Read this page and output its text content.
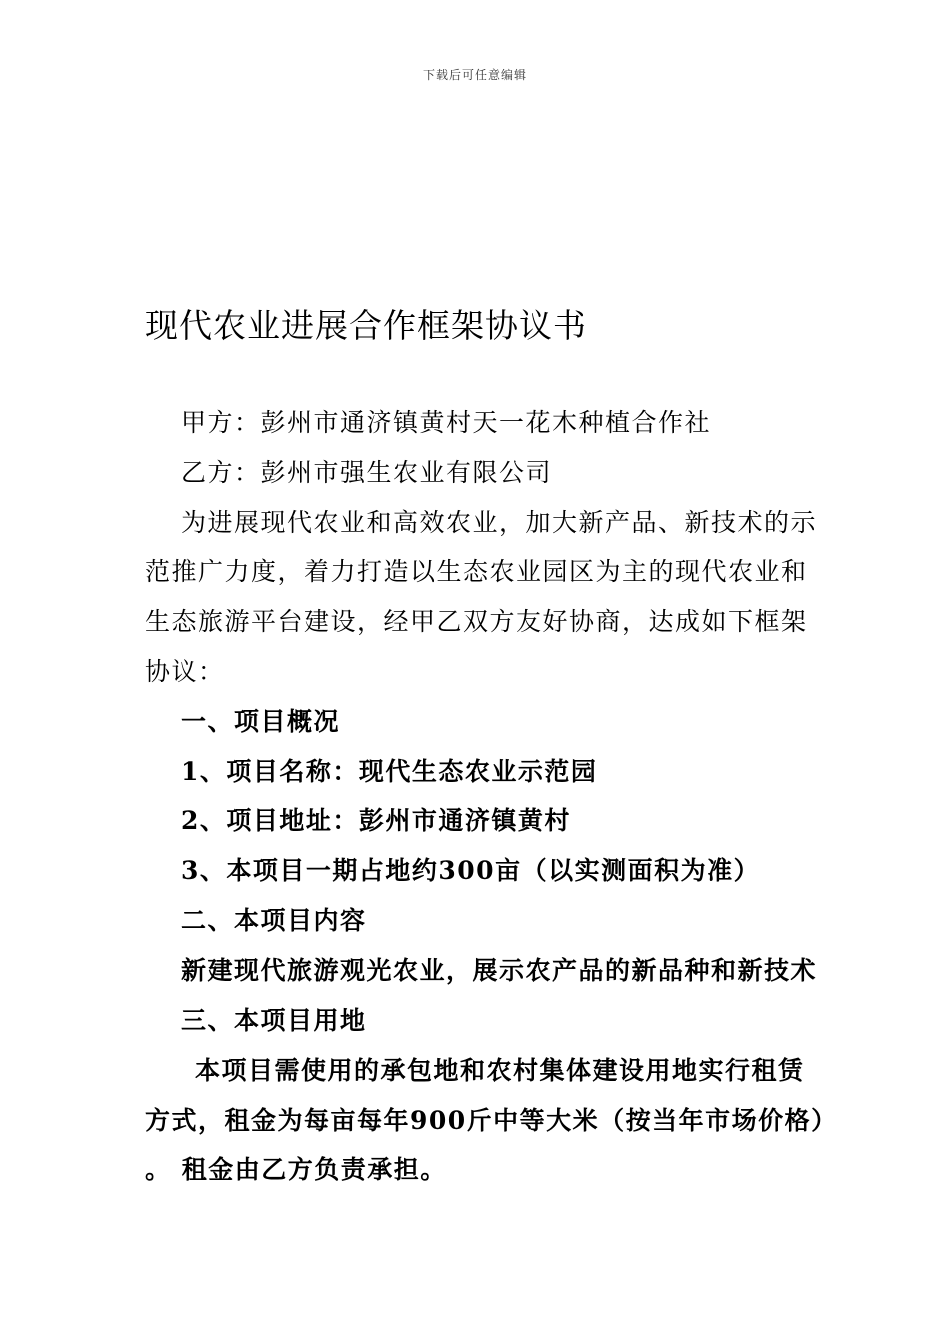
下载后可任意编辑
现代农业进展合作框架协议书
甲方：彭州市通济镇黄村天一花木种植合作社
乙方：彭州市强生农业有限公司
为进展现代农业和高效农业，加大新产品、新技术的示
范推广力度，着力打造以生态农业园区为主的现代农业和
生态旅游平台建设，经甲乙双方友好协商，达成如下框架
协议：
一、项目概况
1、项目名称：现代生态农业示范园
2、项目地址：彭州市通济镇黄村
3、本项目一期占地约300亩（以实测面积为准）
二、本项目内容
新建现代旅游观光农业，展示农产品的新品种和新技术
三、本项目用地
本项目需使用的承包地和农村集体建设用地实行租赁
方式，租金为每亩每年900斤中等大米（按当年市场价格）
。 租金由乙方负责承担。
